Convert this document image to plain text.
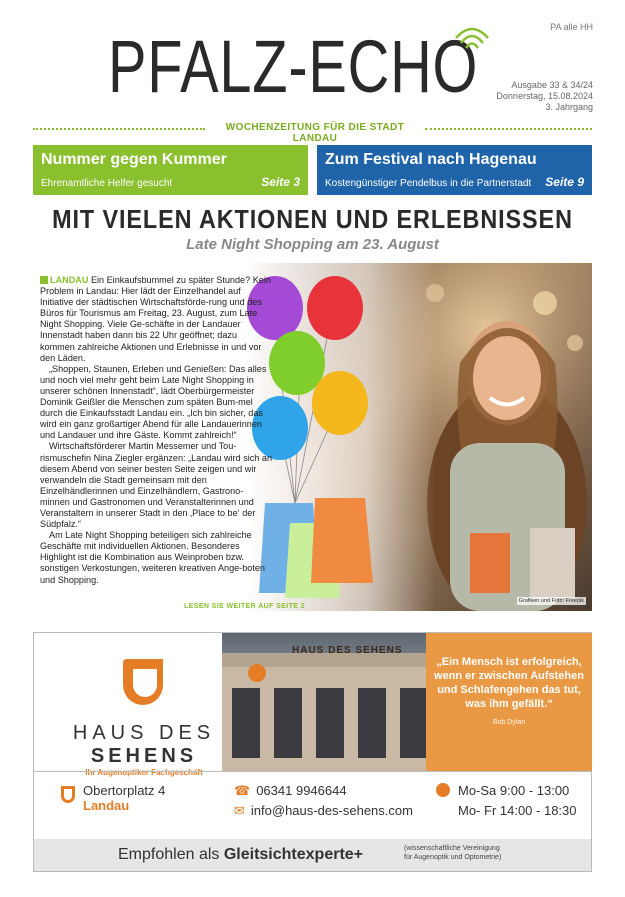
PA alle HH
PFALZ-ECHO	Ausgabe 33 & 34/24
Donnerstag, 15.08.2024
3. Jahrgang
WOCHENZEITUNG FÜR DIE STADT LANDAU
Nummer gegen Kummer
Ehrenamtliche Helfer gesucht	Seite 3
Zum Festival nach Hagenau
Kostengünstiger Pendelbus in die Partnerstadt Seite 9
MIT VIELEN AKTIONEN UND ERLEBNISSEN
Late Night Shopping am 23. August
Grafiken und Foto: Freepik

LANDAU Ein Einkaufsbummel zu später Stunde? Kein Problem in Landau: Hier lädt der Einzelhandel auf Initiative der städtischen Wirtschaftsförde-rung und des Büros für Tourismus am Freitag, 23. August, zum Late Night Shopping. Viele Ge-schäfte in der Landauer Innenstadt haben dann bis 22 Uhr geöffnet; dazu kommen zahlreiche Aktionen und Erlebnisse in und vor den Läden.

„Shoppen, Staunen, Erleben und Genießen: Das alles und noch viel mehr geht beim Late Night Shopping in unserer schönen Innenstadt“, lädt Oberbürgermeister Dominik Geißler die Menschen zum späten Bum-mel durch die Einkaufsstadt Landau ein. „Ich bin sicher, das wird ein ganz großartiger Abend für alle Landauerinnen und Landauer und ihre Gäste. Kommt zahlreich!“

Wirtschaftsförderer Martin Messemer und Tou-rismuschefin Nina Ziegler ergänzen: „Landau wird sich an diesem Abend von seiner besten Seite zeigen und wir verwandeln die Stadt gemeinsam mit den Einzelhändlerinnen und Einzelhändlern, Gastrono-minnen und Gastronomen und Veranstalterinnen und Veranstaltern in unserer Stadt in den ‚Place to be‘ der Südpfalz.“

Am Late Night Shopping beteiligen sich zahlreiche Geschäfte mit individuellen Aktionen. Besonderes Highlight ist die Kombination aus Weinproben bzw. sonstigen Verkostungen, weiteren kreativen Ange-boten und Shopping.

LESEN SIE WEITER AUF SEITE 2
HAUS DES
SEHENS
Ihr Augenoptiker Fachgeschäft
HAUS DES SEHENS
„Ein Mensch ist erfolgreich, wenn er zwischen Aufstehen und Schlafengehen das tut, was ihm gefällt.“
Bob Dylan
Obertorplatz 4
Landau
☎ 06341 9946644
✉ info@haus-des-sehens.com
Mo-Sa 9:00 - 13:00
Mo- Fr 14:00 - 18:30
Empfohlen als Gleitsichtexperte+	(wissenschaftliche Vereinigung
für Augenoptik und Optometrie)
